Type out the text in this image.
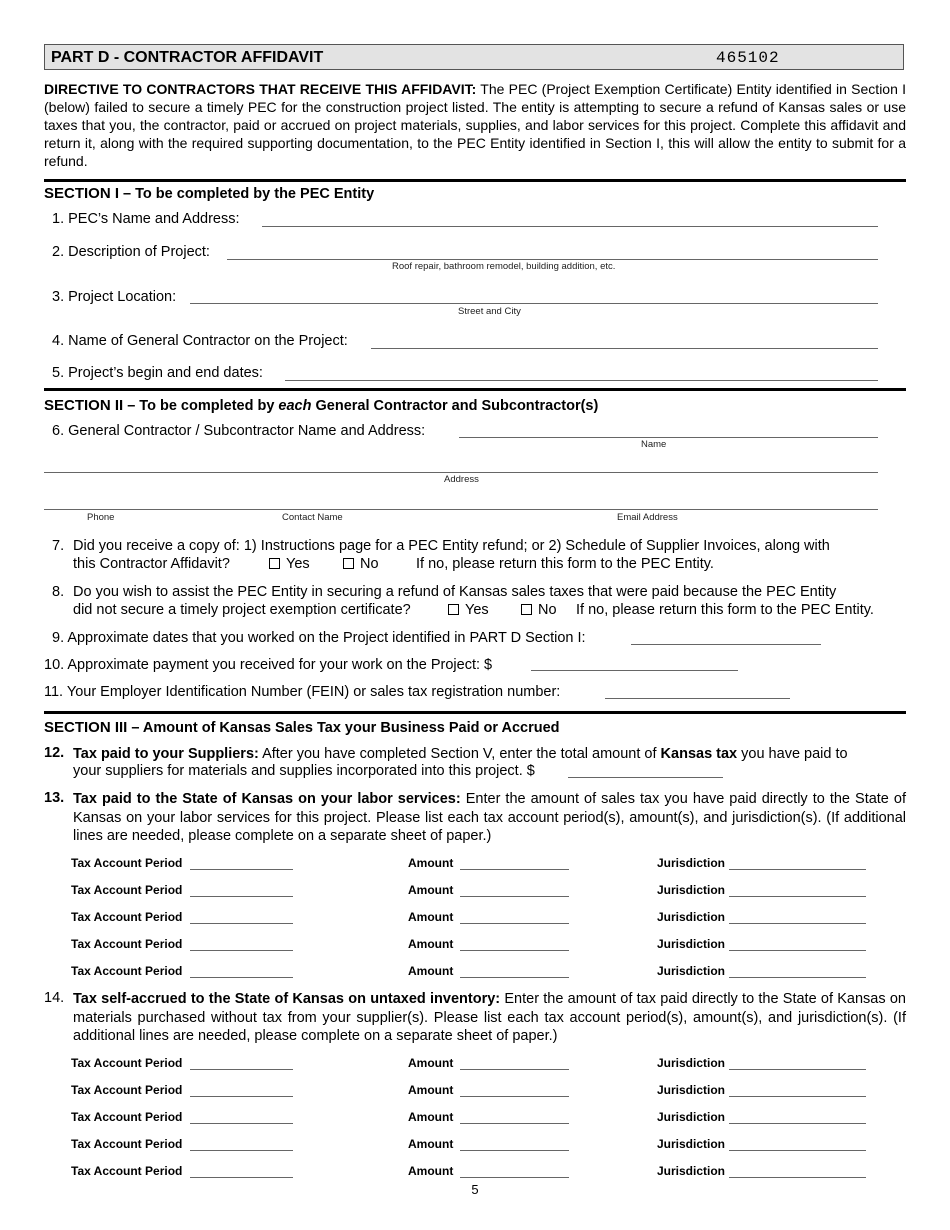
PART D - CONTRACTOR AFFIDAVIT	465102
DIRECTIVE TO CONTRACTORS THAT RECEIVE THIS AFFIDAVIT: The PEC (Project Exemption Certificate) Entity identified in Section I (below) failed to secure a timely PEC for the construction project listed. The entity is attempting to secure a refund of Kansas sales or use taxes that you, the contractor, paid or accrued on project materials, supplies, and labor services for this project. Complete this affidavit and return it, along with the required supporting documentation, to the PEC Entity identified in Section I, this will allow the entity to submit for a refund.
SECTION I – To be completed by the PEC Entity
1. PEC’s Name and Address:
2. Description of Project:
Roof repair, bathroom remodel, building addition, etc.
3. Project Location:
Street and City
4. Name of General Contractor on the Project:
5. Project’s begin and end dates:
SECTION II – To be completed by each General Contractor and Subcontractor(s)
6. General Contractor / Subcontractor Name and Address:
Name
Address
Phone	Contact Name	Email Address
7. Did you receive a copy of: 1) Instructions page for a PEC Entity refund; or 2) Schedule of Supplier Invoices, along with
this Contractor Affidavit?	Yes	No	If no, please return this form to the PEC Entity.
8. Do you wish to assist the PEC Entity in securing a refund of Kansas sales taxes that were paid because the PEC Entity
did not secure a timely project exemption certificate?	Yes	No If no, please return this form to the PEC Entity.
9. Approximate dates that you worked on the Project identified in PART D Section I:
10. Approximate payment you received for your work on the Project: $
11. Your Employer Identification Number (FEIN) or sales tax registration number:
SECTION III – Amount of Kansas Sales Tax your Business Paid or Accrued
12. Tax paid to your Suppliers: After you have completed Section V, enter the total amount of Kansas tax you have paid to
your suppliers for materials and supplies incorporated into this project. $
13. Tax paid to the State of Kansas on your labor services: Enter the amount of sales tax you have paid directly to the State of Kansas on your labor services for this project. Please list each tax account period(s), amount(s), and jurisdiction(s). (If additional lines are needed, please complete on a separate sheet of paper.)
Tax Account Period	Amount	Jurisdiction
Tax Account Period	Amount	Jurisdiction
Tax Account Period	Amount	Jurisdiction
Tax Account Period	Amount	Jurisdiction
Tax Account Period	Amount	Jurisdiction
14. Tax self-accrued to the State of Kansas on untaxed inventory: Enter the amount of tax paid directly to the State of Kansas on materials purchased without tax from your supplier(s). Please list each tax account period(s), amount(s), and jurisdiction(s). (If additional lines are needed, please complete on a separate sheet of paper.)
Tax Account Period	Amount	Jurisdiction
Tax Account Period	Amount	Jurisdiction
Tax Account Period	Amount	Jurisdiction
Tax Account Period	Amount	Jurisdiction
Tax Account Period	Amount	Jurisdiction
5
